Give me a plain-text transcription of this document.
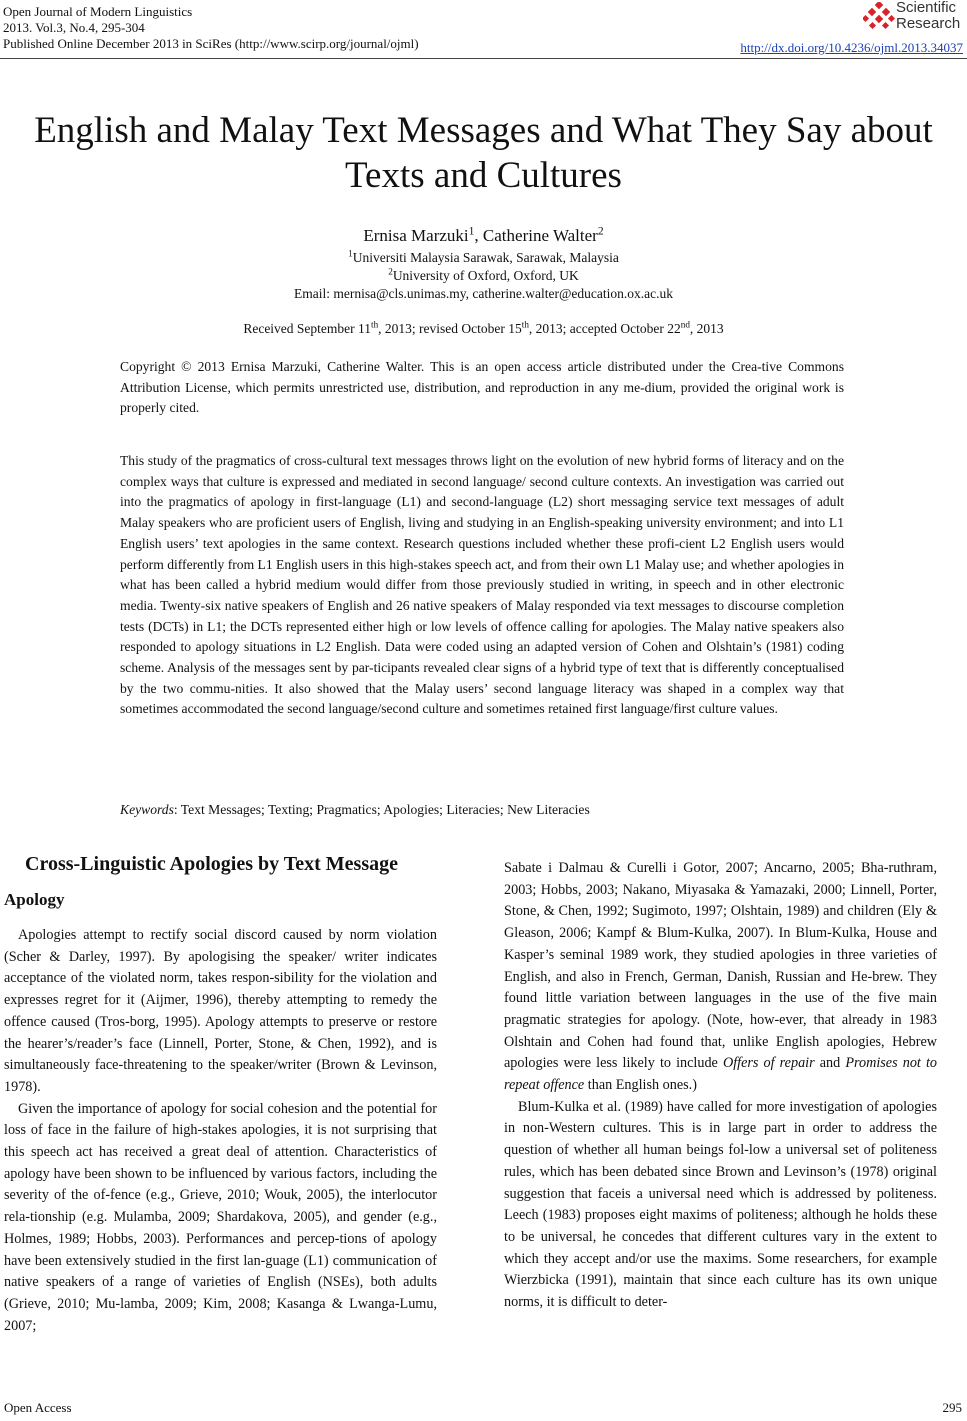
Open Journal of Modern Linguistics
2013. Vol.3, No.4, 295-304
Published Online December 2013 in SciRes (http://www.scirp.org/journal/ojml)
Scientific
Research
http://dx.doi.org/10.4236/ojml.2013.34037
English and Malay Text Messages and What They Say about
Texts and Cultures
Ernisa Marzuki$^1$, Catherine Walter$^2$
$^1$Universiti Malaysia Sarawak, Sarawak, Malaysia
$^2$University of Oxford, Oxford, UK
Email: mernisa@cls.unimas.my, catherine.walter@education.ox.ac.uk
Received September 11th, 2013; revised October 15th, 2013; accepted October 22nd, 2013
Copyright © 2013 Ernisa Marzuki, Catherine Walter. This is an open access article distributed under the Crea-tive Commons Attribution License, which permits unrestricted use, distribution, and reproduction in any me-dium, provided the original work is properly cited.
This study of the pragmatics of cross-cultural text messages throws light on the evolution of new hybrid forms of literacy and on the complex ways that culture is expressed and mediated in second language/ second culture contexts. An investigation was carried out into the pragmatics of apology in first-language (L1) and second-language (L2) short messaging service text messages of adult Malay speakers who are proficient users of English, living and studying in an English-speaking university environment; and into L1 English users’ text apologies in the same context. Research questions included whether these profi-cient L2 English users would perform differently from L1 English users in this high-stakes speech act, and from their own L1 Malay use; and whether apologies in what has been called a hybrid medium would differ from those previously studied in writing, in speech and in other electronic media. Twenty-six native speakers of English and 26 native speakers of Malay responded via text messages to discourse completion tests (DCTs) in L1; the DCTs represented either high or low levels of offence calling for apologies. The Malay native speakers also responded to apology situations in L2 English. Data were coded using an adapted version of Cohen and Olshtain’s (1981) coding scheme. Analysis of the messages sent by par-ticipants revealed clear signs of a hybrid type of text that is differently conceptualised by the two commu-nities. It also showed that the Malay users’ second language literacy was shaped in a complex way that sometimes accommodated the second language/second culture and sometimes retained first language/first culture values.
Keywords: Text Messages; Texting; Pragmatics; Apologies; Literacies; New Literacies
Cross-Linguistic Apologies by Text Message
Apology

Apologies attempt to rectify social discord caused by norm violation (Scher & Darley, 1997). By apologising the speaker/ writer indicates acceptance of the violated norm, takes respon-sibility for the violation and expresses regret for it (Aijmer, 1996), thereby attempting to remedy the offence caused (Tros-borg, 1995). Apology attempts to preserve or restore the hearer’s/reader’s face (Linnell, Porter, Stone, & Chen, 1992), and is simultaneously face-threatening to the speaker/writer (Brown & Levinson, 1978).

Given the importance of apology for social cohesion and the potential for loss of face in the failure of high-stakes apologies, it is not surprising that this speech act has received a great deal of attention. Characteristics of apology have been shown to be influenced by various factors, including the severity of the of-fence (e.g., Grieve, 2010; Wouk, 2005), the interlocutor rela-tionship (e.g. Mulamba, 2009; Shardakova, 2005), and gender (e.g., Holmes, 1989; Hobbs, 2003). Performances and percep-tions of apology have been extensively studied in the first lan-guage (L1) communication of native speakers of a range of varieties of English (NSEs), both adults (Grieve, 2010; Mu-lamba, 2009; Kim, 2008; Kasanga & Lwanga-Lumu, 2007;

Sabate i Dalmau & Curelli i Gotor, 2007; Ancarno, 2005; Bha-ruthram, 2003; Hobbs, 2003; Nakano, Miyasaka & Yamazaki, 2000; Linnell, Porter, Stone, & Chen, 1992; Sugimoto, 1997; Olshtain, 1989) and children (Ely & Gleason, 2006; Kampf & Blum-Kulka, 2007). In Blum-Kulka, House and Kasper’s seminal 1989 work, they studied apologies in three varieties of English, and also in French, German, Danish, Russian and He-brew. They found little variation between languages in the use of the five main pragmatic strategies for apology. (Note, how-ever, that already in 1983 Olshtain and Cohen had found that, unlike English apologies, Hebrew apologies were less likely to include Offers of repair and Promises not to repeat offence than English ones.)

Blum-Kulka et al. (1989) have called for more investigation of apologies in non-Western cultures. This is in large part in order to address the question of whether all human beings fol-low a universal set of politeness rules, which has been debated since Brown and Levinson’s (1978) original suggestion that faceis a universal need which is addressed by politeness. Leech (1983) proposes eight maxims of politeness; although he holds these to be universal, he concedes that different cultures vary in the extent to which they accept and/or use the maxims. Some researchers, for example Wierzbicka (1991), maintain that since each culture has its own unique norms, it is difficult to deter-

Open Access	295
